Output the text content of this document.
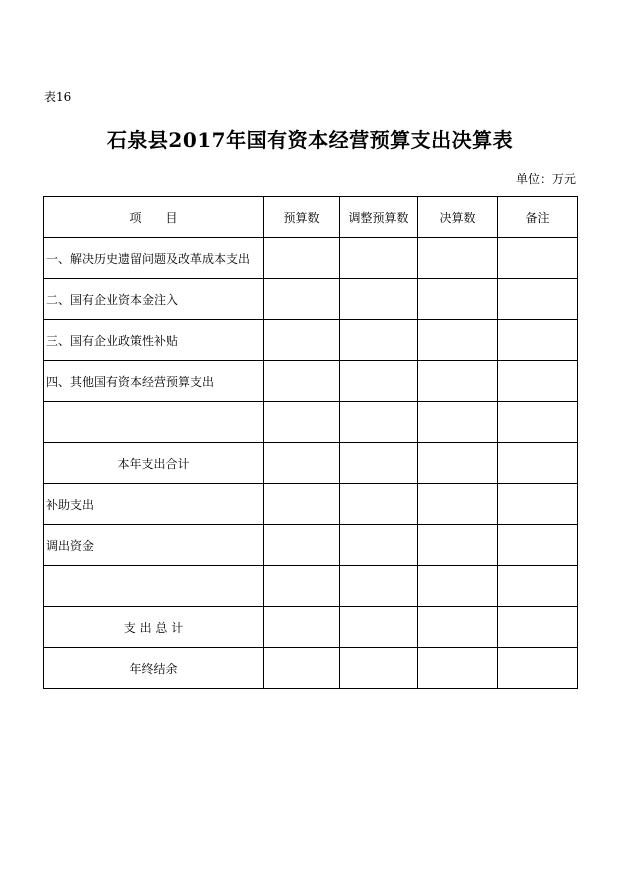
表16
石泉县2017年国有资本经营预算支出决算表
单位：万元
项　　目	预算数	调整预算数	决算数	备注
一、解决历史遗留问题及改革成本支出				
二、国有企业资本金注入				
三、国有企业政策性补贴				
四、其他国有资本经营预算支出				

本年支出合计				
补助支出				
调出资金				

支 出 总 计				
年终结余				
